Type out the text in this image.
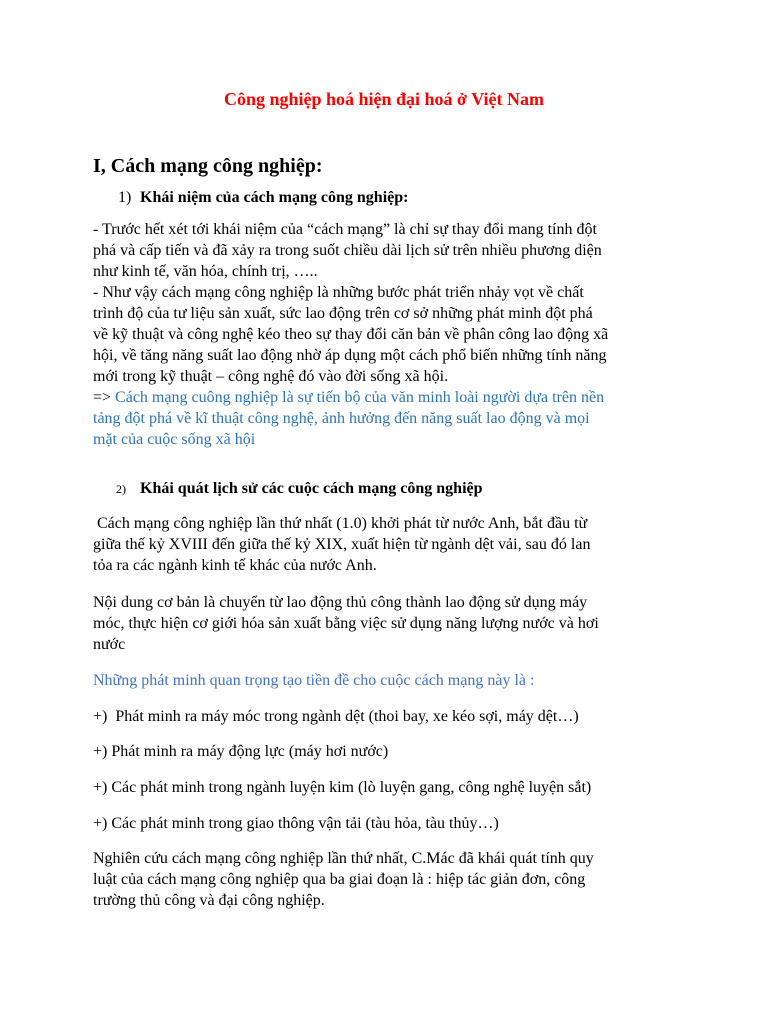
Công nghiệp hoá hiện đại hoá ở Việt Nam
I, Cách mạng công nghiệp:
1) Khái niệm của cách mạng công nghiệp:
- Trước hết xét tới khái niệm của “cách mạng” là chỉ sự thay đổi mang tính đột
phá và cấp tiến và đã xảy ra trong suốt chiều dài lịch sử trên nhiều phương diện
như kinh tế, văn hóa, chính trị, …..
- Như vậy cách mạng công nghiệp là những bước phát triển nhảy vọt về chất
trình độ của tư liệu sản xuất, sức lao động trên cơ sở những phát minh đột phá
về kỹ thuật và công nghệ kéo theo sự thay đổi căn bản về phân công lao động xã
hội, về tăng năng suất lao động nhờ áp dụng một cách phổ biến những tính năng
mới trong kỹ thuật – công nghệ đó vào đời sống xã hội.
=> Cách mạng cuông nghiệp là sự tiến bộ của văn minh loài người dựa trên nền
tảng đột phá về kĩ thuật công nghệ, ảnh hưởng đến năng suất lao động và mọi
mặt của cuộc sống xã hội
2) Khái quát lịch sử các cuộc cách mạng công nghiệp
Cách mạng công nghiệp lần thứ nhất (1.0) khởi phát từ nước Anh, bắt đầu từ
giữa thế kỷ XVIII đến giữa thế kỷ XIX, xuất hiện từ ngành dệt vải, sau đó lan
tỏa ra các ngành kinh tế khác của nước Anh.
Nội dung cơ bản là chuyển từ lao động thủ công thành lao động sử dụng máy
móc, thực hiện cơ giới hóa sản xuất bằng việc sử dụng năng lượng nước và hơi
nước
Những phát minh quan trọng tạo tiền đề cho cuộc cách mạng này là :
+)  Phát minh ra máy móc trong ngành dệt (thoi bay, xe kéo sợi, máy dệt…)
+) Phát minh ra máy động lực (máy hơi nước)
+) Các phát minh trong ngành luyện kim (lò luyện gang, công nghệ luyện sắt)
+) Các phát minh trong giao thông vận tải (tàu hỏa, tàu thủy…)
Nghiên cứu cách mạng công nghiệp lần thứ nhất, C.Mác đã khái quát tính quy
luật của cách mạng công nghiệp qua ba giai đoạn là : hiệp tác giản đơn, công
trường thủ công và đại công nghiệp.
